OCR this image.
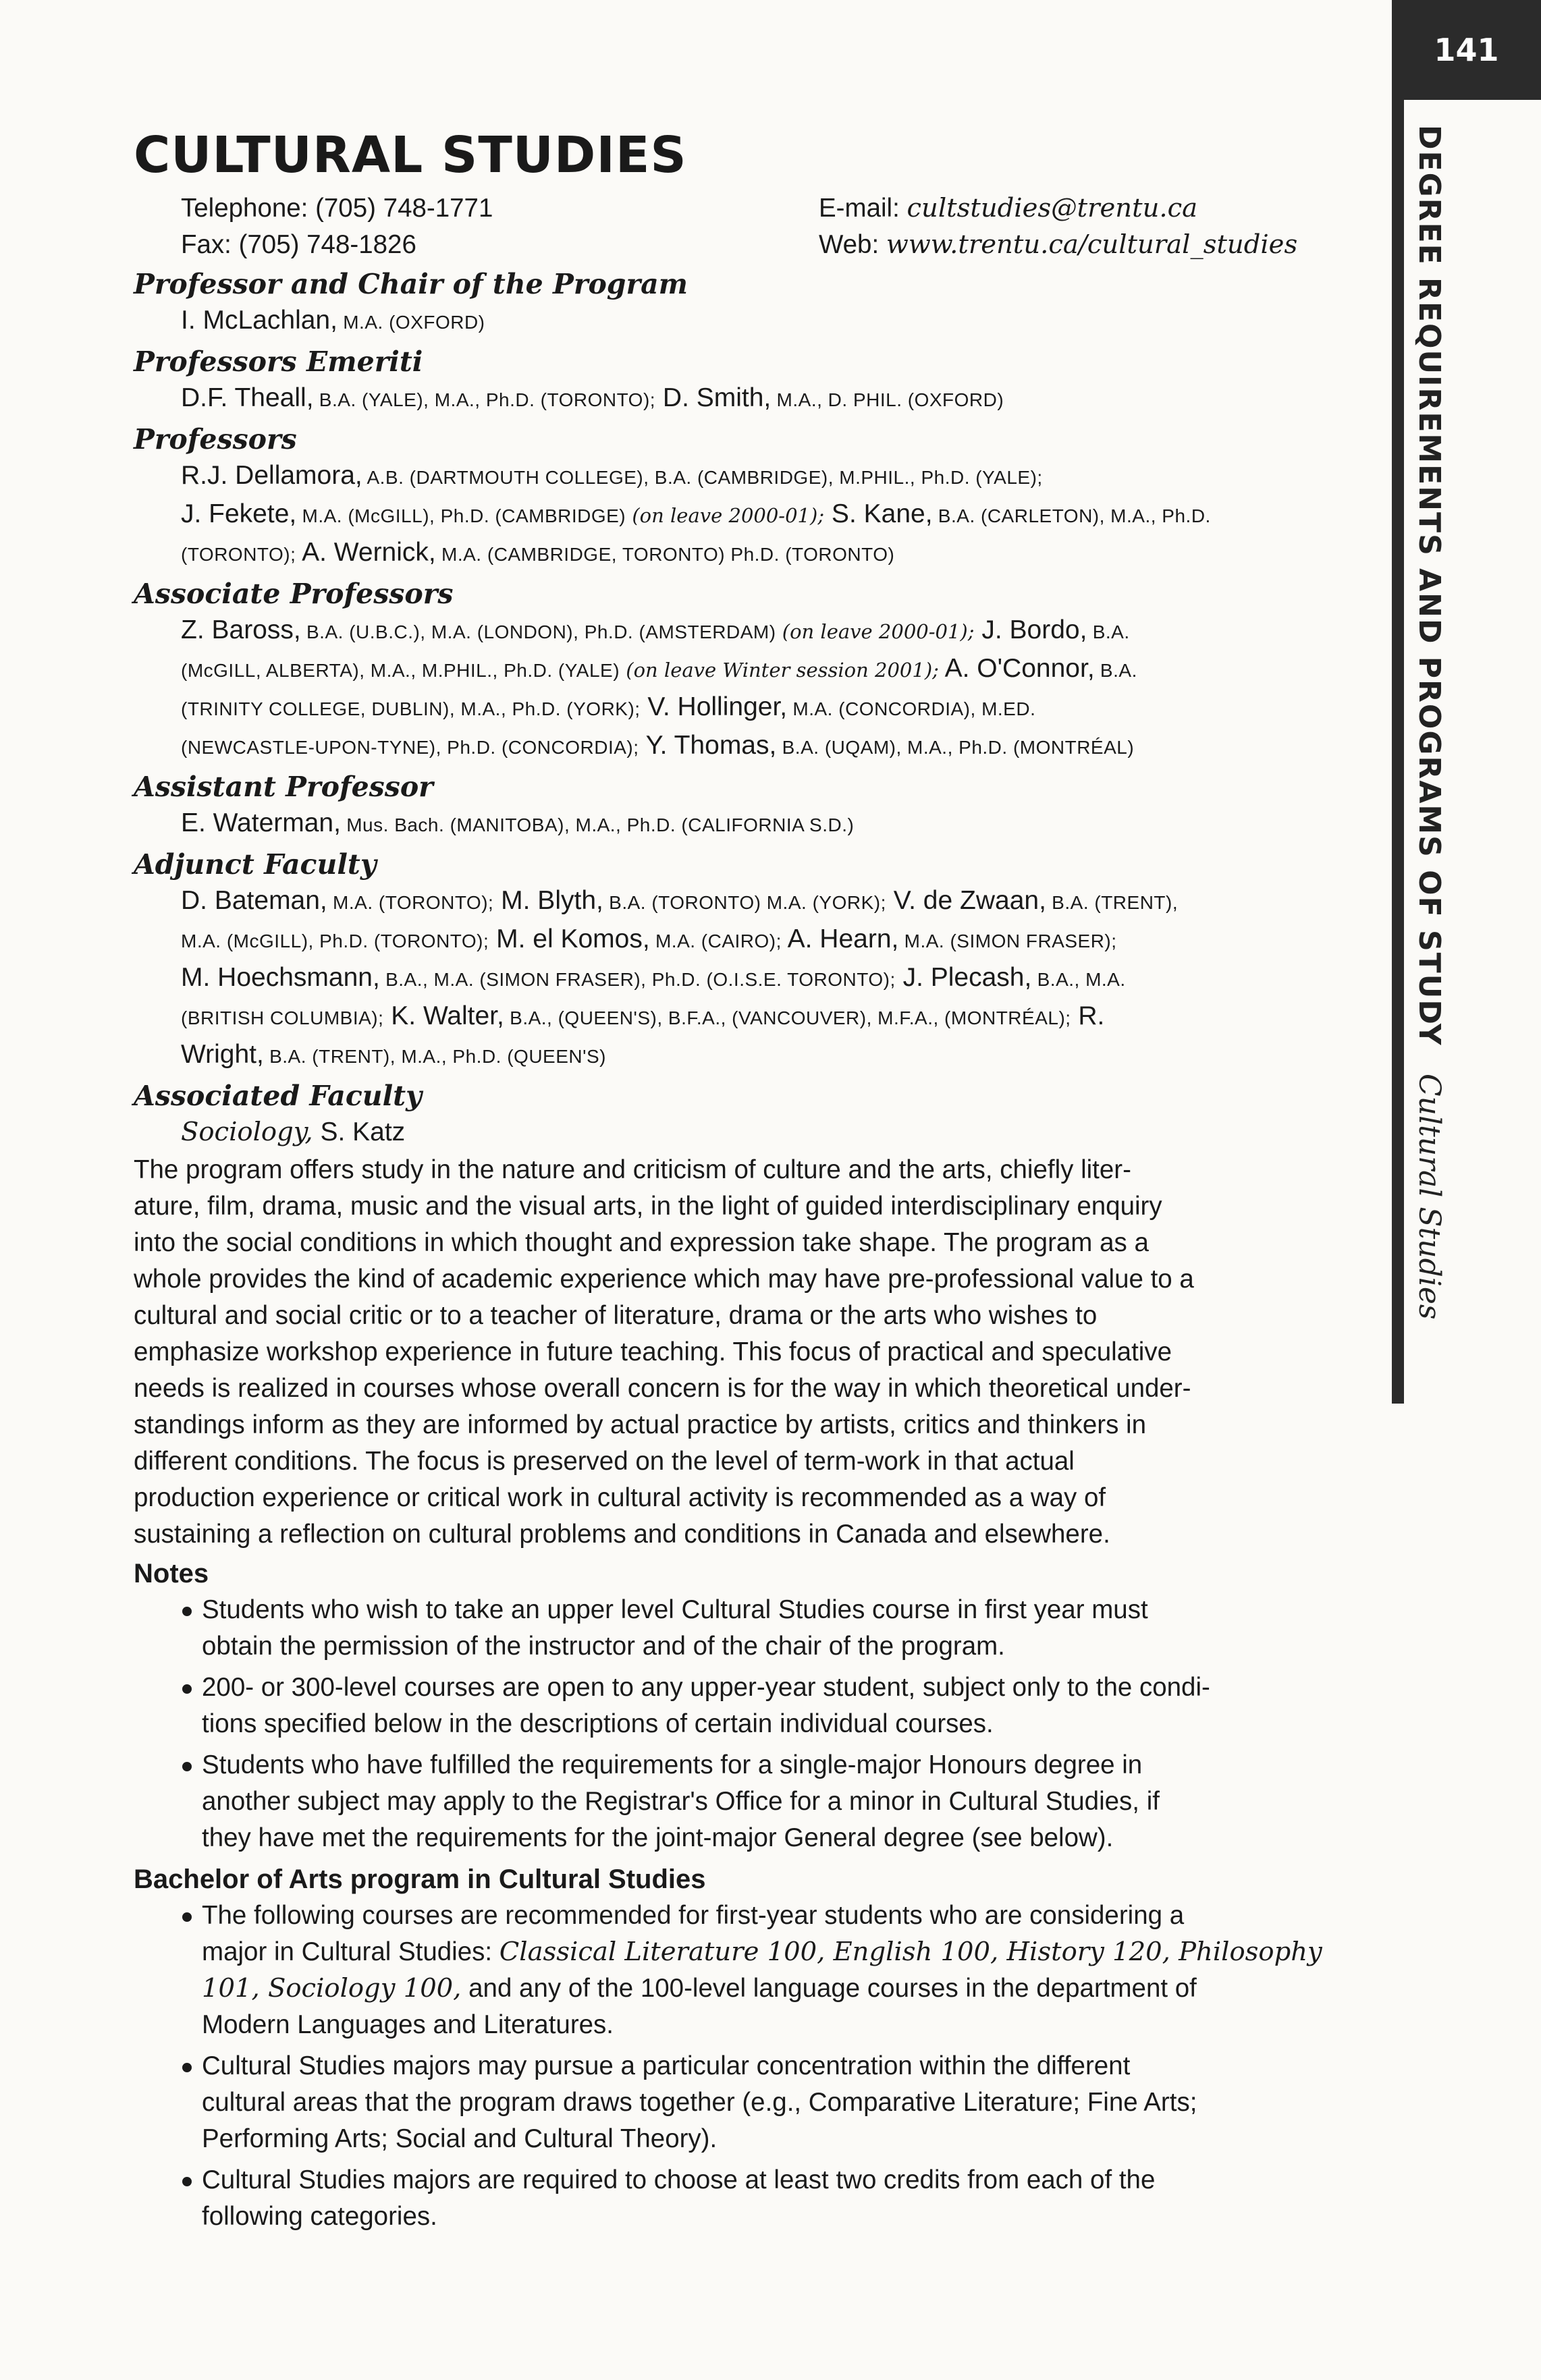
141
DEGREE REQUIREMENTS AND PROGRAMS OF STUDY Cultural Studies
CULTURAL STUDIES
Telephone: (705) 748-1771	E-mail: cultstudies@trentu.ca
Fax: (705) 748-1826	Web: www.trentu.ca/cultural_studies
Professor and Chair of the Program
I. McLachlan, M.A. (OXFORD)
Professors Emeriti
D.F. Theall, B.A. (YALE), M.A., Ph.D. (TORONTO); D. Smith, M.A., D. PHIL. (OXFORD)
Professors
R.J. Dellamora, A.B. (DARTMOUTH COLLEGE), B.A. (CAMBRIDGE), M.PHIL., Ph.D. (YALE);
J. Fekete, M.A. (McGILL), Ph.D. (CAMBRIDGE) (on leave 2000-01); S. Kane, B.A. (CARLETON), M.A., Ph.D.
(TORONTO); A. Wernick, M.A. (CAMBRIDGE, TORONTO) Ph.D. (TORONTO)
Associate Professors
Z. Baross, B.A. (U.B.C.), M.A. (LONDON), Ph.D. (AMSTERDAM) (on leave 2000-01); J. Bordo, B.A.
(McGILL, ALBERTA), M.A., M.PHIL., Ph.D. (YALE) (on leave Winter session 2001); A. O'Connor, B.A.
(TRINITY COLLEGE, DUBLIN), M.A., Ph.D. (YORK); V. Hollinger, M.A. (CONCORDIA), M.ED.
(NEWCASTLE-UPON-TYNE), Ph.D. (CONCORDIA); Y. Thomas, B.A. (UQAM), M.A., Ph.D. (MONTRÉAL)
Assistant Professor
E. Waterman, Mus. Bach. (MANITOBA), M.A., Ph.D. (CALIFORNIA S.D.)
Adjunct Faculty
D. Bateman, M.A. (TORONTO); M. Blyth, B.A. (TORONTO) M.A. (YORK); V. de Zwaan, B.A. (TRENT),
M.A. (McGILL), Ph.D. (TORONTO); M. el Komos, M.A. (CAIRO); A. Hearn, M.A. (SIMON FRASER);
M. Hoechsmann, B.A., M.A. (SIMON FRASER), Ph.D. (O.I.S.E. TORONTO); J. Plecash, B.A., M.A.
(BRITISH COLUMBIA); K. Walter, B.A., (QUEEN'S), B.F.A., (VANCOUVER), M.F.A., (MONTRÉAL); R.
Wright, B.A. (TRENT), M.A., Ph.D. (QUEEN'S)
Associated Faculty
Sociology, S. Katz
The program offers study in the nature and criticism of culture and the arts, chiefly liter-
ature, film, drama, music and the visual arts, in the light of guided interdisciplinary enquiry
into the social conditions in which thought and expression take shape. The program as a
whole provides the kind of academic experience which may have pre-professional value to a
cultural and social critic or to a teacher of literature, drama or the arts who wishes to
emphasize workshop experience in future teaching. This focus of practical and speculative
needs is realized in courses whose overall concern is for the way in which theoretical under-
standings inform as they are informed by actual practice by artists, critics and thinkers in
different conditions. The focus is preserved on the level of term-work in that actual
production experience or critical work in cultural activity is recommended as a way of
sustaining a reflection on cultural problems and conditions in Canada and elsewhere.
Notes
Students who wish to take an upper level Cultural Studies course in first year must
obtain the permission of the instructor and of the chair of the program.
200- or 300-level courses are open to any upper-year student, subject only to the condi-
tions specified below in the descriptions of certain individual courses.
Students who have fulfilled the requirements for a single-major Honours degree in
another subject may apply to the Registrar's Office for a minor in Cultural Studies, if
they have met the requirements for the joint-major General degree (see below).
Bachelor of Arts program in Cultural Studies
The following courses are recommended for first-year students who are considering a
major in Cultural Studies: Classical Literature 100, English 100, History 120, Philosophy
101, Sociology 100, and any of the 100-level language courses in the department of
Modern Languages and Literatures.
Cultural Studies majors may pursue a particular concentration within the different
cultural areas that the program draws together (e.g., Comparative Literature; Fine Arts;
Performing Arts; Social and Cultural Theory).
Cultural Studies majors are required to choose at least two credits from each of the
following categories.
